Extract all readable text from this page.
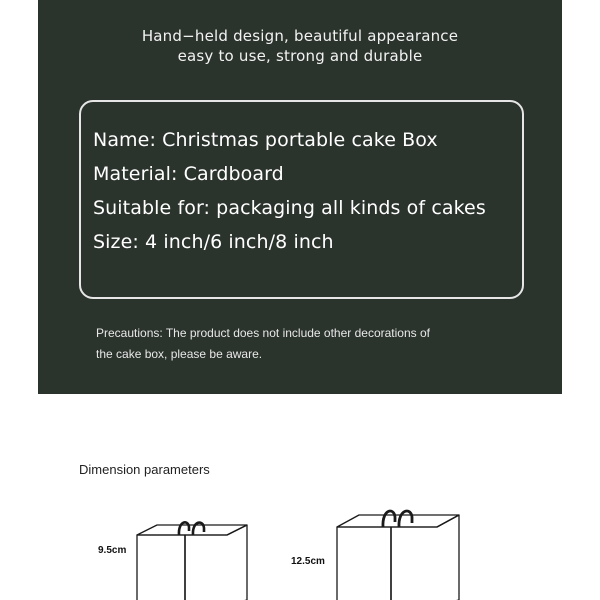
Hand−held design, beautiful appearance
easy to use, strong and durable
Name: Christmas portable cake Box
Material: Cardboard
Suitable for: packaging all kinds of cakes
Size: 4 inch/6 inch/8 inch
Precautions: The product does not include other decorations of
the cake box, please be aware.
Dimension parameters
9.5cm
12.5cm
